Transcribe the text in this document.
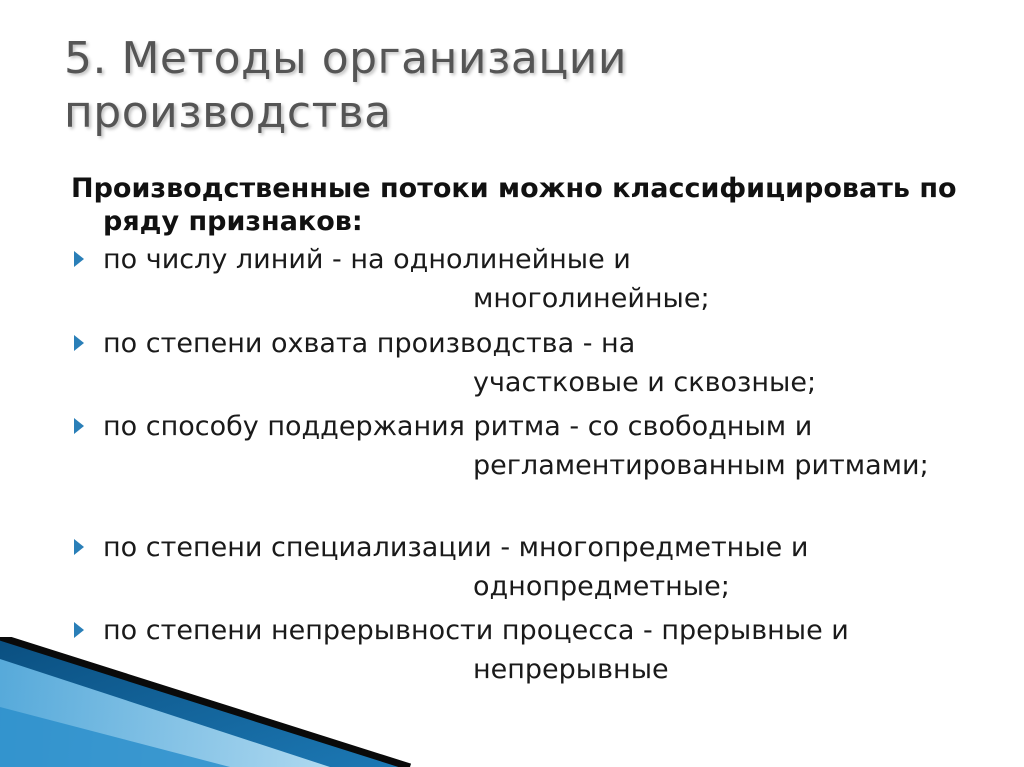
5. Методы организации
производства
Производственные потоки можно классифицировать по
ряду признаков:
по числу линий - на однолинейные и
многолинейные;
по степени охвата производства - на
участковые и сквозные;
по способу поддержания ритма - со свободным и
регламентированным ритмами;
по степени специализации - многопредметные и
однопредметные;
по степени непрерывности процесса - прерывные и
непрерывные
